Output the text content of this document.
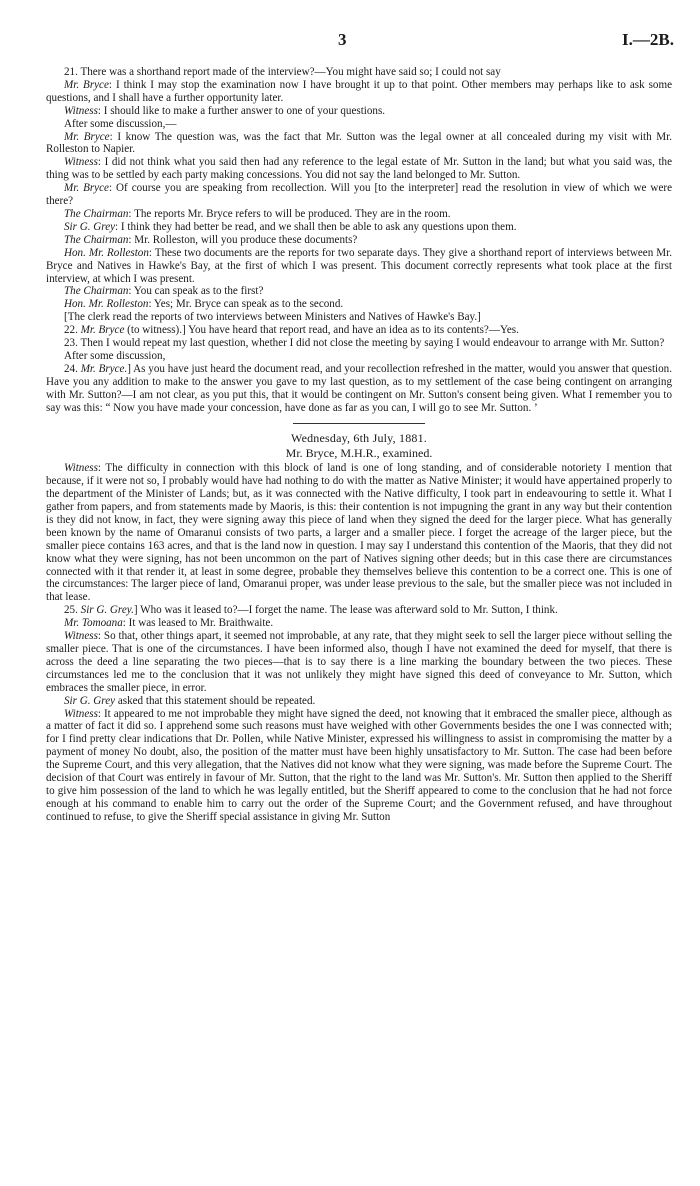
3	I.—2B.

21. There was a shorthand report made of the interview?—You might have said so; I could not say

Mr. Bryce: I think I may stop the examination now I have brought it up to that point. Other members may perhaps like to ask some questions, and I shall have a further opportunity later.

Witness: I should like to make a further answer to one of your questions.

After some discussion,—

Mr. Bryce: I know The question was, was the fact that Mr. Sutton was the legal owner at all concealed during my visit with Mr. Rolleston to Napier.

Witness: I did not think what you said then had any reference to the legal estate of Mr. Sutton in the land; but what you said was, the thing was to be settled by each party making concessions. You did not say the land belonged to Mr. Sutton.

Mr. Bryce: Of course you are speaking from recollection. Will you [to the interpreter] read the resolution in view of which we were there?

The Chairman: The reports Mr. Bryce refers to will be produced. They are in the room.

Sir G. Grey: I think they had better be read, and we shall then be able to ask any questions upon them.

The Chairman: Mr. Rolleston, will you produce these documents?

Hon. Mr. Rolleston: These two documents are the reports for two separate days. They give a shorthand report of interviews between Mr. Bryce and Natives in Hawke's Bay, at the first of which I was present. This document correctly represents what took place at the first interview, at which I was present.

The Chairman: You can speak as to the first?

Hon. Mr. Rolleston: Yes; Mr. Bryce can speak as to the second.

[The clerk read the reports of two interviews between Ministers and Natives of Hawke's Bay.]

22. Mr. Bryce (to witness).] You have heard that report read, and have an idea as to its contents?—Yes.

23. Then I would repeat my last question, whether I did not close the meeting by saying I would endeavour to arrange with Mr. Sutton?

After some discussion,

24. Mr. Bryce.] As you have just heard the document read, and your recollection refreshed in the matter, would you answer that question. Have you any addition to make to the answer you gave to my last question, as to my settlement of the case being contingent on arranging with Mr. Sutton?—I am not clear, as you put this, that it would be contingent on Mr. Sutton's consent being given. What I remember you to say was this: “ Now you have made your concession, have done as far as you can, I will go to see Mr. Sutton. ’

Wednesday, 6th July, 1881.
Mr. Bryce, M.H.R., examined.

Witness: The difficulty in connection with this block of land is one of long standing, and of considerable notoriety I mention that because, if it were not so, I probably would have had nothing to do with the matter as Native Minister; it would have appertained properly to the department of the Minister of Lands; but, as it was connected with the Native difficulty, I took part in endeavouring to settle it. What I gather from papers, and from statements made by Maoris, is this: their contention is not impugning the grant in any way but their contention is they did not know, in fact, they were signing away this piece of land when they signed the deed for the larger piece. What has generally been known by the name of Omaranui consists of two parts, a larger and a smaller piece. I forget the acreage of the larger piece, but the smaller piece contains 163 acres, and that is the land now in question. I may say I understand this contention of the Maoris, that they did not know what they were signing, has not been uncommon on the part of Natives signing other deeds; but in this case there are circumstances connected with it that render it, at least in some degree, probable they themselves believe this contention to be a correct one. This is one of the circumstances: The larger piece of land, Omaranui proper, was under lease previous to the sale, but the smaller piece was not included in that lease.

25. Sir G. Grey.] Who was it leased to?—I forget the name. The lease was afterward sold to Mr. Sutton, I think.

Mr. Tomoana: It was leased to Mr. Braithwaite.

Witness: So that, other things apart, it seemed not improbable, at any rate, that they might seek to sell the larger piece without selling the smaller piece. That is one of the circumstances. I have been informed also, though I have not examined the deed for myself, that there is across the deed a line separating the two pieces—that is to say there is a line marking the boundary between the two pieces. These circumstances led me to the conclusion that it was not unlikely they might have signed this deed of conveyance to Mr. Sutton, which embraces the smaller piece, in error.

Sir G. Grey asked that this statement should be repeated.

Witness: It appeared to me not improbable they might have signed the deed, not knowing that it embraced the smaller piece, although as a matter of fact it did so. I apprehend some such reasons must have weighed with other Governments besides the one I was connected with; for I find pretty clear indications that Dr. Pollen, while Native Minister, expressed his willingness to assist in compromising the matter by a payment of money No doubt, also, the position of the matter must have been highly unsatisfactory to Mr. Sutton. The case had been before the Supreme Court, and this very allegation, that the Natives did not know what they were signing, was made before the Supreme Court. The decision of that Court was entirely in favour of Mr. Sutton, that the right to the land was Mr. Sutton's. Mr. Sutton then applied to the Sheriff to give him possession of the land to which he was legally entitled, but the Sheriff appeared to come to the conclusion that he had not force enough at his command to enable him to carry out the order of the Supreme Court; and the Government refused, and have throughout continued to refuse, to give the Sheriff special assistance in giving Mr. Sutton
